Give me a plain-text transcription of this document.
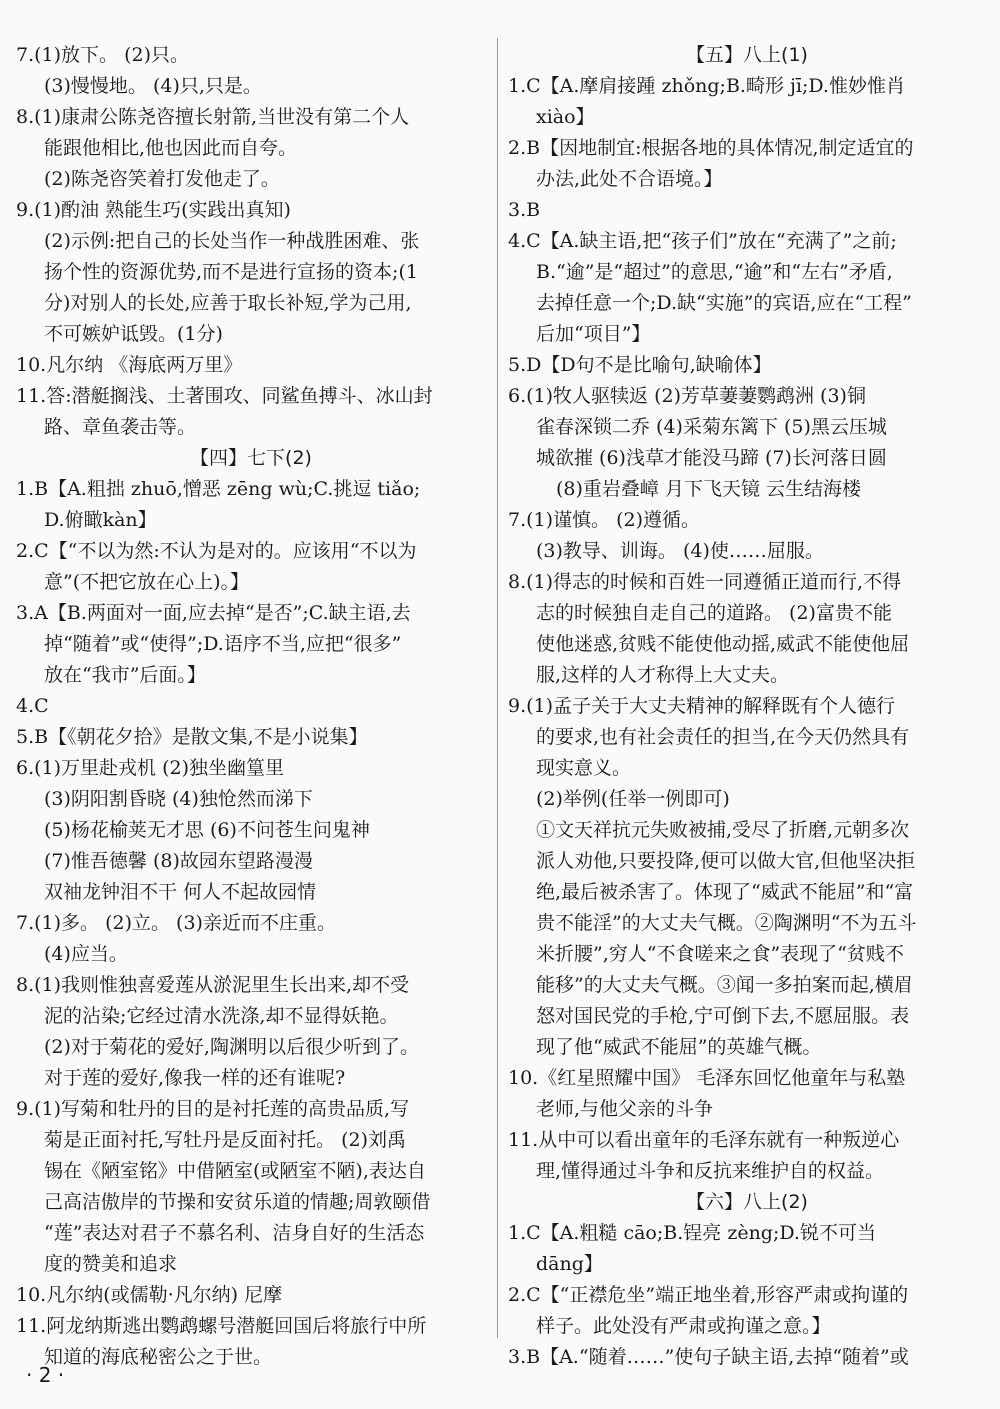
7.(1)放下。 (2)只。
(3)慢慢地。 (4)只,只是。
8.(1)康肃公陈尧咨擅长射箭,当世没有第二个人
能跟他相比,他也因此而自夸。
(2)陈尧咨笑着打发他走了。
9.(1)酌油 熟能生巧(实践出真知)
(2)示例:把自己的长处当作一种战胜困难、张
扬个性的资源优势,而不是进行宣扬的资本;(1
分)对别人的长处,应善于取长补短,学为己用,
不可嫉妒诋毁。(1分)
10.凡尔纳 《海底两万里》
11.答:潜艇搁浅、土著围攻、同鲨鱼搏斗、冰山封
路、章鱼袭击等。
【四】七下(2)
1.B【A.粗拙 zhuō,憎恶 zēng wù;C.挑逗 tiǎo;
D.俯瞰kàn】
2.C【“不以为然:不认为是对的。应该用“不以为
意”(不把它放在心上)。】
3.A【B.两面对一面,应去掉“是否”;C.缺主语,去
掉“随着”或“使得”;D.语序不当,应把“很多”
放在“我市”后面。】
4.C
5.B【《朝花夕拾》是散文集,不是小说集】
6.(1)万里赴戎机 (2)独坐幽篁里
(3)阴阳割昏晓 (4)独怆然而涕下
(5)杨花榆荚无才思 (6)不问苍生问鬼神
(7)惟吾德馨 (8)故园东望路漫漫
双袖龙钟泪不干 何人不起故园情
7.(1)多。 (2)立。 (3)亲近而不庄重。
(4)应当。
8.(1)我则惟独喜爱莲从淤泥里生长出来,却不受
泥的沾染;它经过清水洗涤,却不显得妖艳。
(2)对于菊花的爱好,陶渊明以后很少听到了。
对于莲的爱好,像我一样的还有谁呢?
9.(1)写菊和牡丹的目的是衬托莲的高贵品质,写
菊是正面衬托,写牡丹是反面衬托。 (2)刘禹
锡在《陋室铭》中借陋室(或陋室不陋),表达自
己高洁傲岸的节操和安贫乐道的情趣;周敦颐借
“莲”表达对君子不慕名利、洁身自好的生活态
度的赞美和追求
10.凡尔纳(或儒勒·凡尔纳) 尼摩
11.阿龙纳斯逃出鹦鹉螺号潜艇回国后将旅行中所
知道的海底秘密公之于世。
【五】八上(1)
1.C【A.摩肩接踵 zhǒng;B.畸形 jī;D.惟妙惟肖
xiào】
2.B【因地制宜:根据各地的具体情况,制定适宜的
办法,此处不合语境。】
3.B
4.C【A.缺主语,把“孩子们”放在“充满了”之前;
B.“逾”是“超过”的意思,“逾”和“左右”矛盾,
去掉任意一个;D.缺“实施”的宾语,应在“工程”
后加“项目”】
5.D【D句不是比喻句,缺喻体】
6.(1)牧人驱犊返 (2)芳草萋萋鹦鹉洲 (3)铜
雀春深锁二乔 (4)采菊东篱下 (5)黑云压城
城欲摧 (6)浅草才能没马蹄 (7)长河落日圆
(8)重岩叠嶂 月下飞天镜 云生结海楼
7.(1)谨慎。 (2)遵循。
(3)教导、训诲。 (4)使……屈服。
8.(1)得志的时候和百姓一同遵循正道而行,不得
志的时候独自走自己的道路。 (2)富贵不能
使他迷惑,贫贱不能使他动摇,威武不能使他屈
服,这样的人才称得上大丈夫。
9.(1)孟子关于大丈夫精神的解释既有个人德行
的要求,也有社会责任的担当,在今天仍然具有
现实意义。
(2)举例(任举一例即可)
①文天祥抗元失败被捕,受尽了折磨,元朝多次
派人劝他,只要投降,便可以做大官,但他坚决拒
绝,最后被杀害了。体现了“威武不能屈”和“富
贵不能淫”的大丈夫气概。②陶渊明“不为五斗
米折腰”,穷人“不食嗟来之食”表现了“贫贱不
能移”的大丈夫气概。③闻一多拍案而起,横眉
怒对国民党的手枪,宁可倒下去,不愿屈服。表
现了他“威武不能屈”的英雄气概。
10.《红星照耀中国》 毛泽东回忆他童年与私塾
老师,与他父亲的斗争
11.从中可以看出童年的毛泽东就有一种叛逆心
理,懂得通过斗争和反抗来维护自的权益。
【六】八上(2)
1.C【A.粗糙 cāo;B.锃亮 zèng;D.锐不可当
dāng】
2.C【“正襟危坐”端正地坐着,形容严肃或拘谨的
样子。此处没有严肃或拘谨之意。】
3.B【A.“随着……”使句子缺主语,去掉“随着”或
· 2 ·
